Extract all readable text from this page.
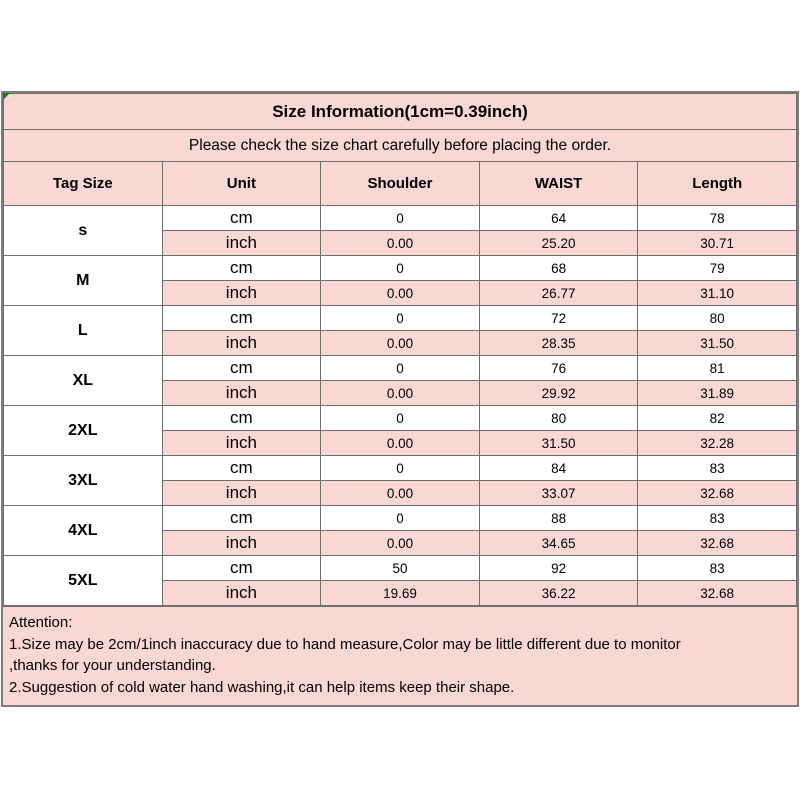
Size Information(1cm=0.39inch)				
Please check the size chart carefully before placing the order.				
Tag Size	Unit	Shoulder	WAIST	Length
s	cm	0	64	78
	inch	0.00	25.20	30.71
M	cm	0	68	79
	inch	0.00	26.77	31.10
L	cm	0	72	80
	inch	0.00	28.35	31.50
XL	cm	0	76	81
	inch	0.00	29.92	31.89
2XL	cm	0	80	82
	inch	0.00	31.50	32.28
3XL	cm	0	84	83
	inch	0.00	33.07	32.68
4XL	cm	0	88	83
	inch	0.00	34.65	32.68
5XL	cm	50	92	83
	inch	19.69	36.22	32.68
Attention:
1.Size may be 2cm/1inch inaccuracy due to hand measure,Color may be little different due to monitor
,thanks for your understanding.
2.Suggestion of cold water hand washing,it can help items keep their shape.
